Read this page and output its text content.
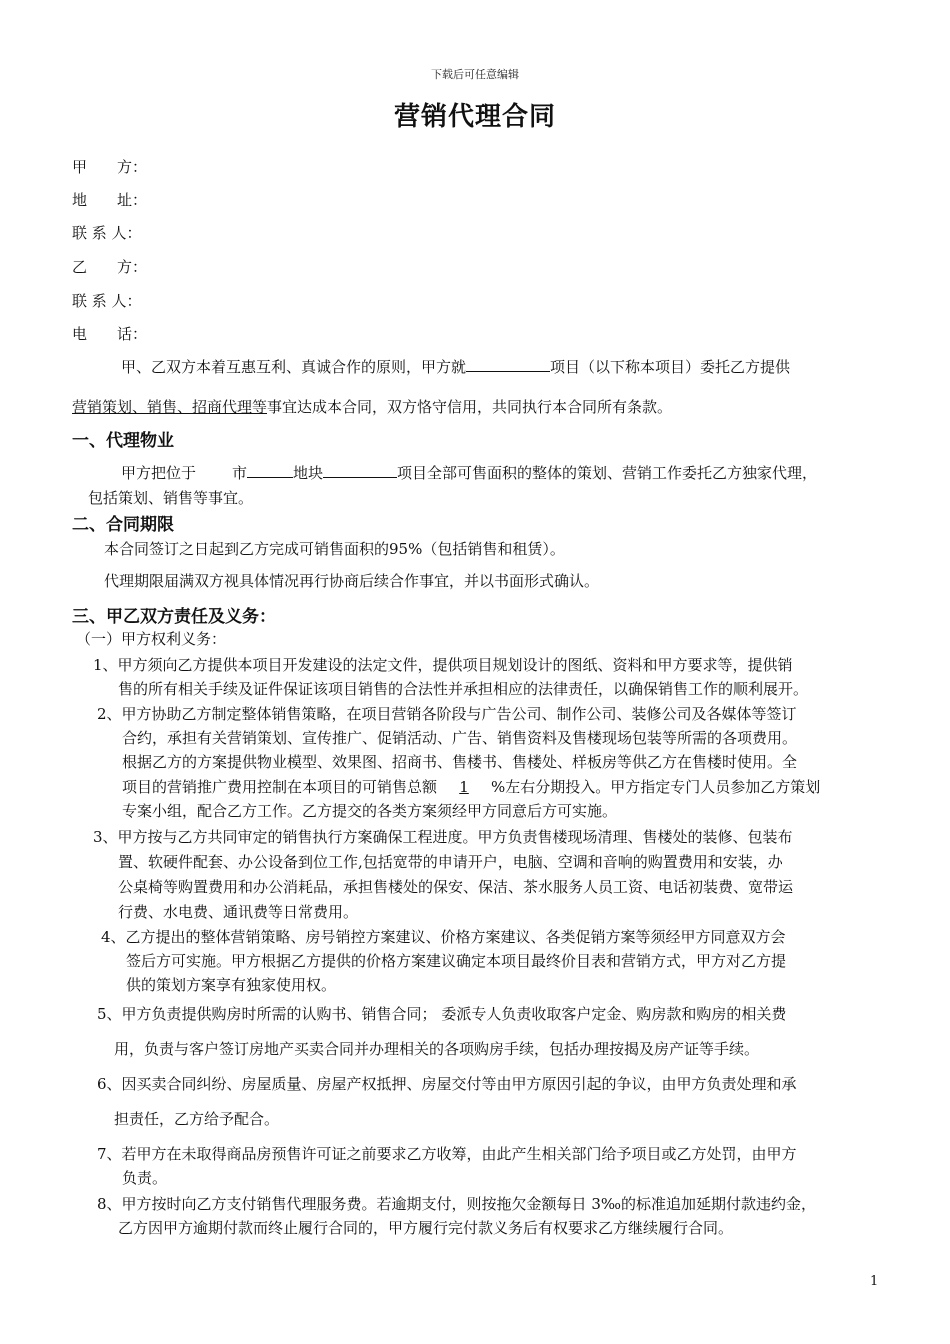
下载后可任意编辑
营销代理合同
甲　　方：
地　　址：
联 系 人：
乙　　方：
联 系 人：
电　　话：
甲、乙双方本着互惠互利、真诚合作的原则，甲方就	项目（以下称本项目）委托乙方提供
营销策划、销售、招商代理等事宜达成本合同，双方恪守信用，共同执行本合同所有条款。
一、代理物业
甲方把位于 市	地块	项目全部可售面积的整体的策划、营销工作委托乙方独家代理，
包括策划、销售等事宜。
二、合同期限
本合同签订之日起到乙方完成可销售面积的95%（包括销售和租赁）。
代理期限届满双方视具体情况再行协商后续合作事宜，并以书面形式确认。
三、甲乙双方责任及义务：
（一）甲方权利义务：
1、甲方须向乙方提供本项目开发建设的法定文件，提供项目规划设计的图纸、资料和甲方要求等，提供销
售的所有相关手续及证件保证该项目销售的合法性并承担相应的法律责任，以确保销售工作的顺利展开。
2、甲方协助乙方制定整体销售策略，在项目营销各阶段与广告公司、制作公司、装修公司及各媒体等签订
合约，承担有关营销策划、宣传推广、促销活动、广告、销售资料及售楼现场包装等所需的各项费用。
根据乙方的方案提供物业模型、效果图、招商书、售楼书、售楼处、样板房等供乙方在售楼时使用。全
项目的营销推广费用控制在本项目的可销售总额 1 %左右分期投入。甲方指定专门人员参加乙方策划
专案小组，配合乙方工作。乙方提交的各类方案须经甲方同意后方可实施。
3、甲方按与乙方共同审定的销售执行方案确保工程进度。甲方负责售楼现场清理、售楼处的装修、包装布
置、软硬件配套、办公设备到位工作,包括宽带的申请开户，电脑、空调和音响的购置费用和安装，办
公桌椅等购置费用和办公消耗品，承担售楼处的保安、保洁、茶水服务人员工资、电话初装费、宽带运
行费、水电费、通讯费等日常费用。
4、乙方提出的整体营销策略、房号销控方案建议、价格方案建议、各类促销方案等须经甲方同意双方会
签后方可实施。甲方根据乙方提供的价格方案建议确定本项目最终价目表和营销方式，甲方对乙方提
供的策划方案享有独家使用权。
5、甲方负责提供购房时所需的认购书、销售合同； 委派专人负责收取客户定金、购房款和购房的相关费
用，负责与客户签订房地产买卖合同并办理相关的各项购房手续，包括办理按揭及房产证等手续。
6、因买卖合同纠纷、房屋质量、房屋产权抵押、房屋交付等由甲方原因引起的争议，由甲方负责处理和承
担责任，乙方给予配合。
7、若甲方在未取得商品房预售许可证之前要求乙方收筹，由此产生相关部门给予项目或乙方处罚，由甲方
负责。
8、甲方按时向乙方支付销售代理服务费。若逾期支付，则按拖欠金额每日 3‰的标准追加延期付款违约金，
乙方因甲方逾期付款而终止履行合同的，甲方履行完付款义务后有权要求乙方继续履行合同。
1
